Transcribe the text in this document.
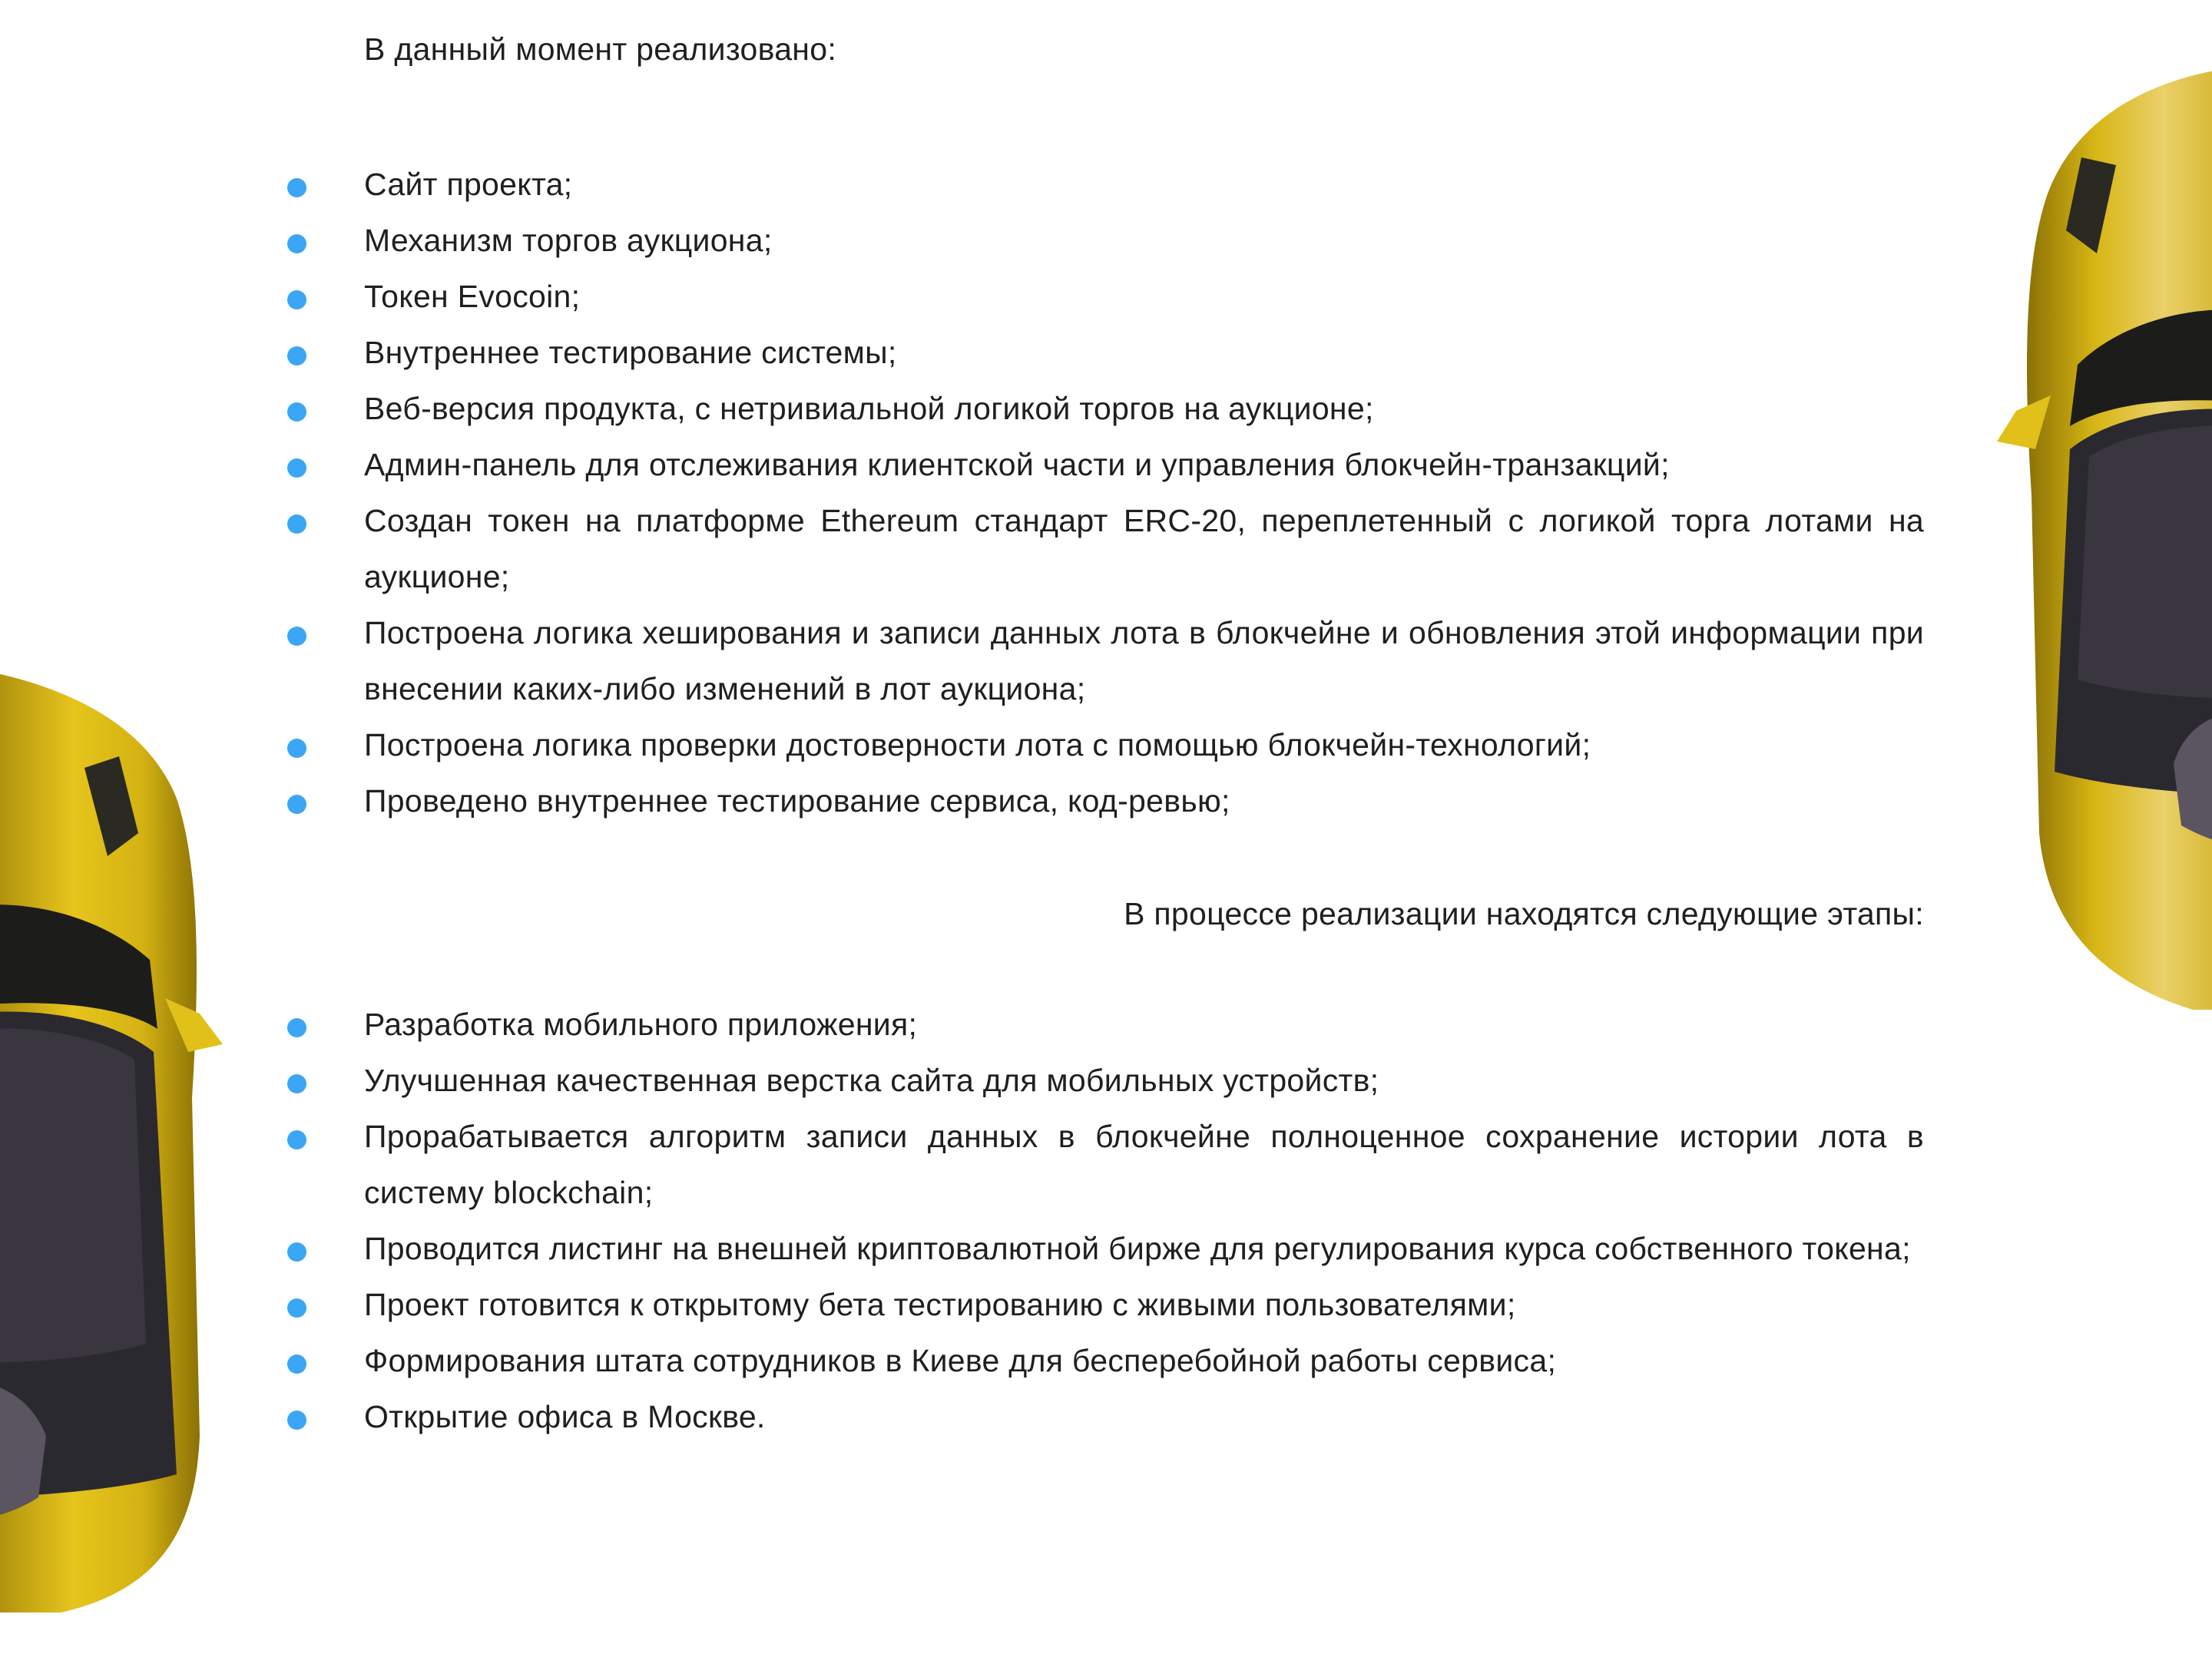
В данный момент реализовано:

Сайт проекта;
Механизм торгов аукциона;
Токен Evocoin;
Внутреннее тестирование системы;
Веб-версия продукта, с нетривиальной логикой торгов на аукционе;
Админ-панель для отслеживания клиентской части и управления блокчейн-транзакций;
Создан токен на платформе Ethereum стандарт ERC-20, переплетенный с логикой торга лотами на аукционе;
Построена логика хеширования и записи данных лота в блокчейне и обновления этой информации при внесении каких-либо изменений в лот аукциона;
Построена логика проверки достоверности лота с помощью блокчейн-технологий;
Проведено внутреннее тестирование сервиса, код-ревью;

В процессе реализации находятся следующие этапы:

Разработка мобильного приложения;
Улучшенная качественная верстка сайта для мобильных устройств;
Прорабатывается алгоритм записи данных в блокчейне полноценное сохранение истории лота в систему blockchain;
Проводится листинг на внешней криптовалютной бирже для регулирования курса собственного токена;
Проект готовится к открытому бета тестированию с живыми пользователями;
Формирования штата сотрудников в Киеве для бесперебойной работы сервиса;
Открытие офиса в Москве.
